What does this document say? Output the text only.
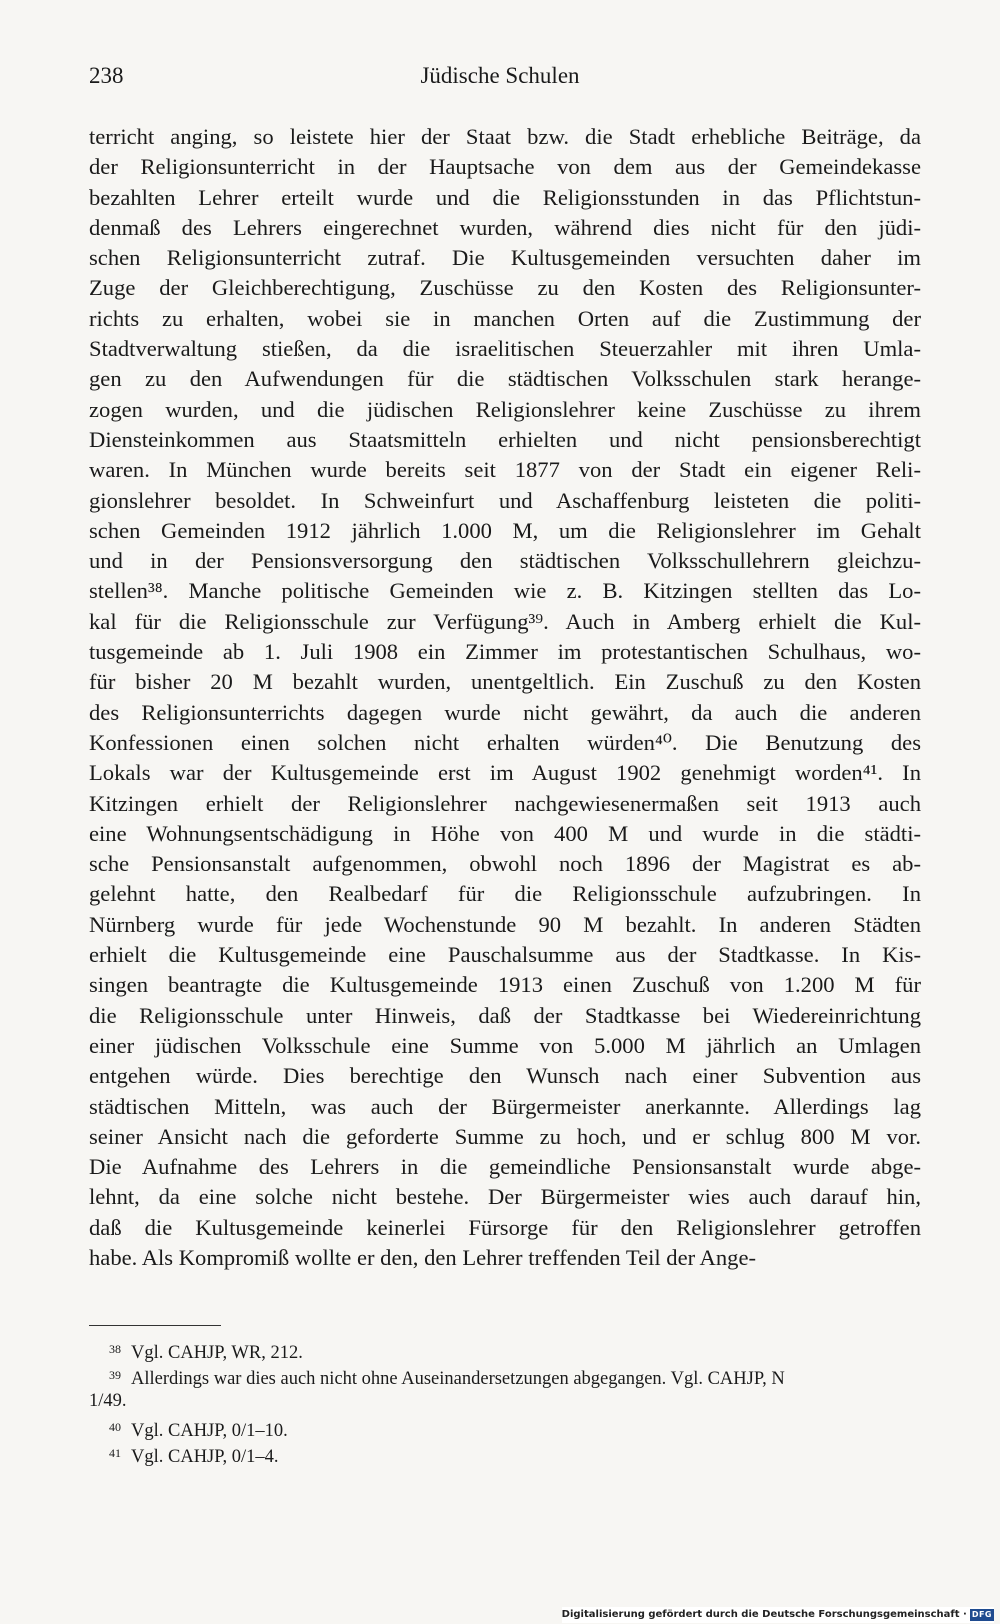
238	Jüdische Schulen
terricht anging, so leistete hier der Staat bzw. die Stadt erhebliche Beiträge, da
der Religionsunterricht in der Hauptsache von dem aus der Gemeindekasse
bezahlten Lehrer erteilt wurde und die Religionsstunden in das Pflichtstun-
denmaß des Lehrers eingerechnet wurden, während dies nicht für den jüdi-
schen Religionsunterricht zutraf. Die Kultusgemeinden versuchten daher im
Zuge der Gleichberechtigung, Zuschüsse zu den Kosten des Religionsunter-
richts zu erhalten, wobei sie in manchen Orten auf die Zustimmung der
Stadtverwaltung stießen, da die israelitischen Steuerzahler mit ihren Umla-
gen zu den Aufwendungen für die städtischen Volksschulen stark herange-
zogen wurden, und die jüdischen Religionslehrer keine Zuschüsse zu ihrem
Diensteinkommen aus Staatsmitteln erhielten und nicht pensionsberechtigt
waren. In München wurde bereits seit 1877 von der Stadt ein eigener Reli-
gionslehrer besoldet. In Schweinfurt und Aschaffenburg leisteten die politi-
schen Gemeinden 1912 jährlich 1.000 M, um die Religionslehrer im Gehalt
und in der Pensionsversorgung den städtischen Volksschullehrern gleichzu-
stellen³⁸. Manche politische Gemeinden wie z. B. Kitzingen stellten das Lo-
kal für die Religionsschule zur Verfügung³⁹. Auch in Amberg erhielt die Kul-
tusgemeinde ab 1. Juli 1908 ein Zimmer im protestantischen Schulhaus, wo-
für bisher 20 M bezahlt wurden, unentgeltlich. Ein Zuschuß zu den Kosten
des Religionsunterrichts dagegen wurde nicht gewährt, da auch die anderen
Konfessionen einen solchen nicht erhalten würden⁴⁰. Die Benutzung des
Lokals war der Kultusgemeinde erst im August 1902 genehmigt worden⁴¹. In
Kitzingen erhielt der Religionslehrer nachgewiesenermaßen seit 1913 auch
eine Wohnungsentschädigung in Höhe von 400 M und wurde in die städti-
sche Pensionsanstalt aufgenommen, obwohl noch 1896 der Magistrat es ab-
gelehnt hatte, den Realbedarf für die Religionsschule aufzubringen. In
Nürnberg wurde für jede Wochenstunde 90 M bezahlt. In anderen Städten
erhielt die Kultusgemeinde eine Pauschalsumme aus der Stadtkasse. In Kis-
singen beantragte die Kultusgemeinde 1913 einen Zuschuß von 1.200 M für
die Religionsschule unter Hinweis, daß der Stadtkasse bei Wiedereinrichtung
einer jüdischen Volksschule eine Summe von 5.000 M jährlich an Umlagen
entgehen würde. Dies berechtige den Wunsch nach einer Subvention aus
städtischen Mitteln, was auch der Bürgermeister anerkannte. Allerdings lag
seiner Ansicht nach die geforderte Summe zu hoch, und er schlug 800 M vor.
Die Aufnahme des Lehrers in die gemeindliche Pensionsanstalt wurde abge-
lehnt, da eine solche nicht bestehe. Der Bürgermeister wies auch darauf hin,
daß die Kultusgemeinde keinerlei Fürsorge für den Religionslehrer getroffen
habe. Als Kompromiß wollte er den, den Lehrer treffenden Teil der Ange-
38 Vgl. CAHJP, WR, 212.
39 Allerdings war dies auch nicht ohne Auseinandersetzungen abgegangen. Vgl. CAHJP, N
1/49.
40 Vgl. CAHJP, 0/1–10.
41 Vgl. CAHJP, 0/1–4.
Digitalisierung gefördert durch die Deutsche Forschungsgemeinschaft · DFG
